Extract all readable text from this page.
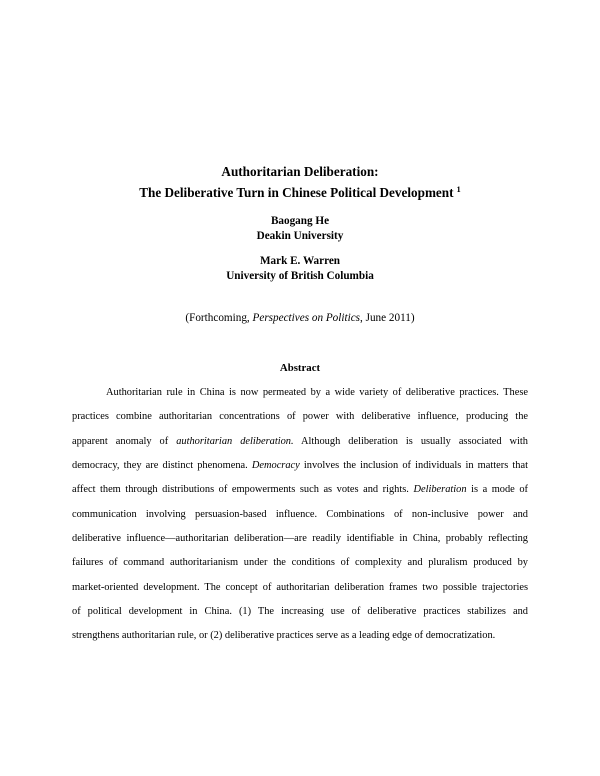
Authoritarian Deliberation:
The Deliberative Turn in Chinese Political Development $^1$
Baogang He
Deakin University
Mark E. Warren
University of British Columbia
(Forthcoming, Perspectives on Politics, June 2011)
Abstract
Authoritarian rule in China is now permeated by a wide variety of deliberative practices. These
practices combine authoritarian concentrations of power with deliberative influence, producing the
apparent anomaly of authoritarian deliberation. Although deliberation is usually associated with
democracy, they are distinct phenomena. Democracy involves the inclusion of individuals in matters that
affect them through distributions of empowerments such as votes and rights. Deliberation is a mode of
communication involving persuasion-based influence. Combinations of non-inclusive power and
deliberative influence—authoritarian deliberation—are readily identifiable in China, probably reflecting
failures of command authoritarianism under the conditions of complexity and pluralism produced by
market-oriented development. The concept of authoritarian deliberation frames two possible trajectories
of political development in China. (1) The increasing use of deliberative practices stabilizes and
strengthens authoritarian rule, or (2) deliberative practices serve as a leading edge of democratization.
